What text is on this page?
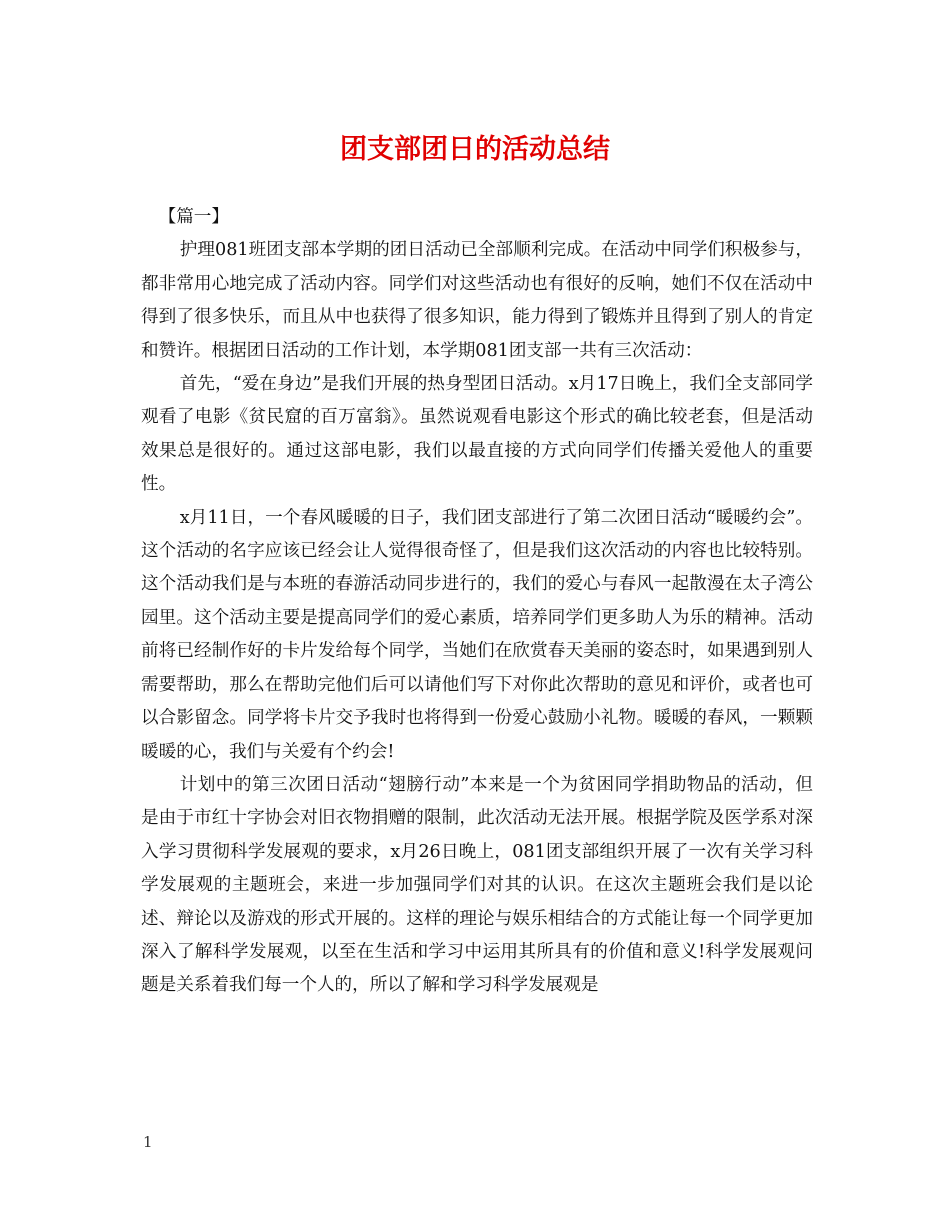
团支部团日的活动总结

【篇一】

护理081班团支部本学期的团日活动已全部顺利完成。在活动中同学们积极参与，都非常用心地完成了活动内容。同学们对这些活动也有很好的反响，她们不仅在活动中得到了很多快乐，而且从中也获得了很多知识，能力得到了锻炼并且得到了别人的肯定和赞许。根据团日活动的工作计划，本学期081团支部一共有三次活动：

首先，“爱在身边”是我们开展的热身型团日活动。x月17日晚上，我们全支部同学观看了电影《贫民窟的百万富翁》。虽然说观看电影这个形式的确比较老套，但是活动效果总是很好的。通过这部电影，我们以最直接的方式向同学们传播关爱他人的重要性。

x月11日，一个春风暖暖的日子，我们团支部进行了第二次团日活动“暖暖约会”。这个活动的名字应该已经会让人觉得很奇怪了，但是我们这次活动的内容也比较特别。这个活动我们是与本班的春游活动同步进行的，我们的爱心与春风一起散漫在太子湾公园里。这个活动主要是提高同学们的爱心素质，培养同学们更多助人为乐的精神。活动前将已经制作好的卡片发给每个同学，当她们在欣赏春天美丽的姿态时，如果遇到别人需要帮助，那么在帮助完他们后可以请他们写下对你此次帮助的意见和评价，或者也可以合影留念。同学将卡片交予我时也将得到一份爱心鼓励小礼物。暖暖的春风，一颗颗暖暖的心，我们与关爱有个约会!

计划中的第三次团日活动“翅膀行动”本来是一个为贫困同学捐助物品的活动，但是由于市红十字协会对旧衣物捐赠的限制，此次活动无法开展。根据学院及医学系对深入学习贯彻科学发展观的要求，x月26日晚上，081团支部组织开展了一次有关学习科学发展观的主题班会，来进一步加强同学们对其的认识。在这次主题班会我们是以论述、辩论以及游戏的形式开展的。这样的理论与娱乐相结合的方式能让每一个同学更加深入了解科学发展观，以至在生活和学习中运用其所具有的价值和意义!科学发展观问题是关系着我们每一个人的，所以了解和学习科学发展观是

1
